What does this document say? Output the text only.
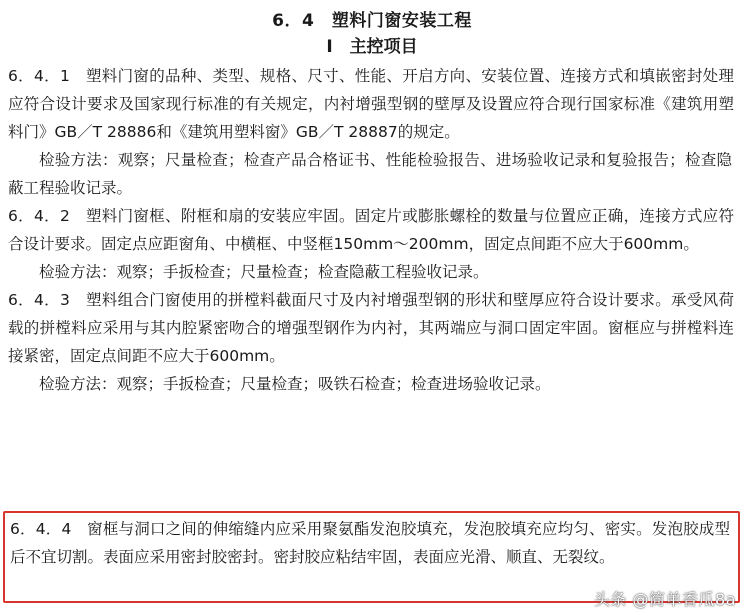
6．4　塑料门窗安装工程
Ⅰ　主控项目
6．4．1　塑料门窗的品种、类型、规格、尺寸、性能、开启方向、安装位置、连接方式和填嵌密封处理应符合设计要求及国家现行标准的有关规定，内衬增强型钢的壁厚及设置应符合现行国家标准《建筑用塑料门》GB／T 28886和《建筑用塑料窗》GB／T 28887的规定。
检验方法：观察；尺量检查；检查产品合格证书、性能检验报告、进场验收记录和复验报告；检查隐蔽工程验收记录。
6．4．2　塑料门窗框、附框和扇的安装应牢固。固定片或膨胀螺栓的数量与位置应正确，连接方式应符合设计要求。固定点应距窗角、中横框、中竖框150mm～200mm，固定点间距不应大于600mm。
检验方法：观察；手扳检查；尺量检查；检查隐蔽工程验收记录。
6．4．3　塑料组合门窗使用的拼樘料截面尺寸及内衬增强型钢的形状和壁厚应符合设计要求。承受风荷载的拼樘料应采用与其内腔紧密吻合的增强型钢作为内衬，其两端应与洞口固定牢固。窗框应与拼樘料连接紧密，固定点间距不应大于600mm。
检验方法：观察；手扳检查；尺量检查；吸铁石检查；检查进场验收记录。
6．4．4　窗框与洞口之间的伸缩缝内应采用聚氨酯发泡胶填充，发泡胶填充应均匀、密实。发泡胶成型后不宜切割。表面应采用密封胶密封。密封胶应粘结牢固，表面应光滑、顺直、无裂纹。
头条 @简单香瓜8a
